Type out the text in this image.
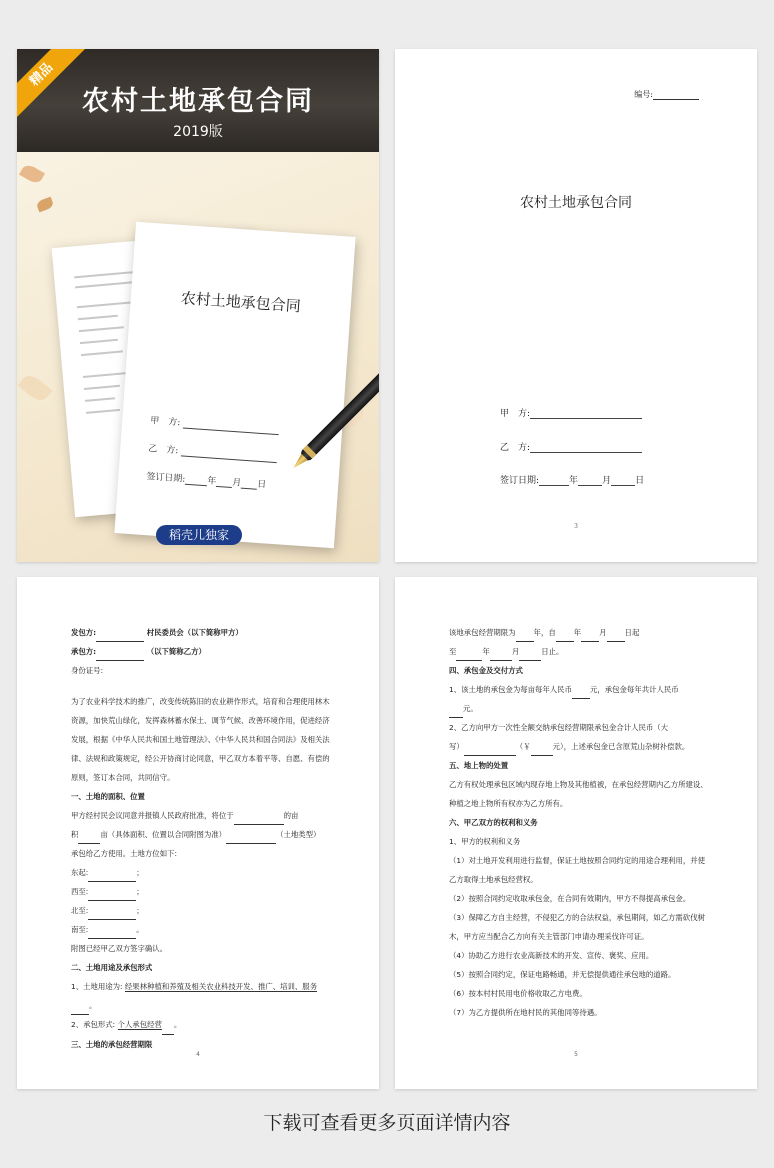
精品
农村土地承包合同
2019版
农村土地承包合同
甲　方:
乙　方:
签订日期: 年 月 日
稻壳儿独家
编号:
农村土地承包合同
甲　方:
乙　方:
签订日期:	年	月	日
3

发包方:	村民委员会（以下简称甲方）

承包方:	（以下简称乙方）

身份证号:

为了农业科学技术的推广，改变传统陈旧的农业耕作形式，培育和合理使用林木资源，加快荒山绿化，发挥森林蓄水保土、调节气候、改善环境作用，促进经济发展，根据《中华人民共和国土地管理法》、《中华人民共和国合同法》及相关法律、法规和政策规定，经公开协商讨论同意，甲乙双方本着平等、自愿、有偿的原则，签订本合同，共同信守。

一、土地的面积、位置

甲方经村民会议同意并报镇人民政府批准，将位于	的亩

积	亩（具体面积、位置以合同附图为准）	（土地类型）

承包给乙方使用。土地方位如下:

东起:	；

西至:	；

北至:	；

南至:	。

附图已经甲乙双方签字确认。

二、土地用途及承包形式

1、土地用途为: 经果林种植和养殖及相关农业科技开发、推广、培训、服务。

2、承包形式: 个人承包经营 。

三、土地的承包经营期限

4

该地承包经营期限为 年，自 年 月 日起

至	年	月	日止。

四、承包金及交付方式

1、该土地的承包金为每亩每年人民币 元，承包金每年共计人民币
元。

2、乙方向甲方一次性全额交纳承包经营期限承包金合计人民币（大
写）	（￥	元），上述承包金已含原荒山杂树补偿款。

五、地上物的处置

乙方有权处理承包区域内现存地上物及其他植被，在承包经营期内乙方所建设、种植之地上物所有权亦为乙方所有。

六、甲乙双方的权利和义务

1、甲方的权利和义务

（1）对土地开发利用进行监督，保证土地按照合同约定的用途合理利用，并使乙方取得土地承包经营权。

（2）按照合同约定收取承包金，在合同有效期内，甲方不得提高承包金。

（3）保障乙方自主经营，不侵犯乙方的合法权益，承包期间，如乙方需砍伐树木，甲方应当配合乙方向有关主管部门申请办理采伐许可证。

（4）协助乙方进行农业高新技术的开发、宣传、褒奖、应用。

（5）按照合同约定，保证电路畅通，并无偿提供通往承包地的道路。

（6）按本村村民用电价格收取乙方电费。

（7）为乙方提供所在地村民的其他同等待遇。

5
下载可查看更多页面详情内容
